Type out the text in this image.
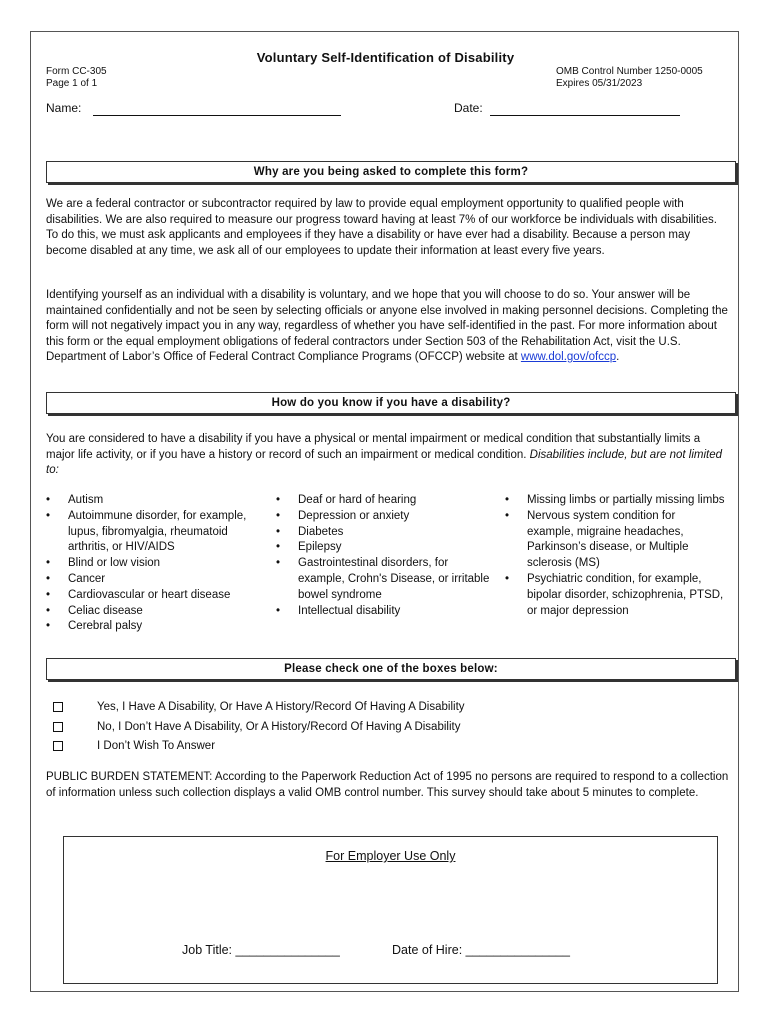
Voluntary Self-Identification of Disability
Form CC-305
Page 1 of 1
OMB Control Number 1250-0005
Expires 05/31/2023
Name:	Date:
Why are you being asked to complete this form?

We are a federal contractor or subcontractor required by law to provide equal employment opportunity to qualified people with disabilities. We are also required to measure our progress toward having at least 7% of our workforce be individuals with disabilities. To do this, we must ask applicants and employees if they have a disability or have ever had a disability. Because a person may become disabled at any time, we ask all of our employees to update their information at least every five years.

Identifying yourself as an individual with a disability is voluntary, and we hope that you will choose to do so. Your answer will be maintained confidentially and not be seen by selecting officials or anyone else involved in making personnel decisions. Completing the form will not negatively impact you in any way, regardless of whether you have self-identified in the past. For more information about this form or the equal employment obligations of federal contractors under Section 503 of the Rehabilitation Act, visit the U.S. Department of Labor’s Office of Federal Contract Compliance Programs (OFCCP) website at www.dol.gov/ofccp.

How do you know if you have a disability?

You are considered to have a disability if you have a physical or mental impairment or medical condition that substantially limits a major life activity, or if you have a history or record of such an impairment or medical condition. Disabilities include, but are not limited to:

• Autism
• Autoimmune disorder, for example, lupus, fibromyalgia, rheumatoid arthritis, or HIV/AIDS
• Blind or low vision
• Cancer
• Cardiovascular or heart disease
• Celiac disease
• Cerebral palsy
• Deaf or hard of hearing
• Depression or anxiety
• Diabetes
• Epilepsy
• Gastrointestinal disorders, for example, Crohn's Disease, or irritable bowel syndrome
• Intellectual disability
• Missing limbs or partially missing limbs
• Nervous system condition for example, migraine headaches, Parkinson’s disease, or Multiple sclerosis (MS)
• Psychiatric condition, for example, bipolar disorder, schizophrenia, PTSD, or major depression
Please check one of the boxes below:
Yes, I Have A Disability, Or Have A History/Record Of Having A Disability
No, I Don’t Have A Disability, Or A History/Record Of Having A Disability
I Don’t Wish To Answer

PUBLIC BURDEN STATEMENT: According to the Paperwork Reduction Act of 1995 no persons are required to respond to a collection of information unless such collection displays a valid OMB control number. This survey should take about 5 minutes to complete.

For Employer Use Only
Job Title: _______________	Date of Hire: _______________
